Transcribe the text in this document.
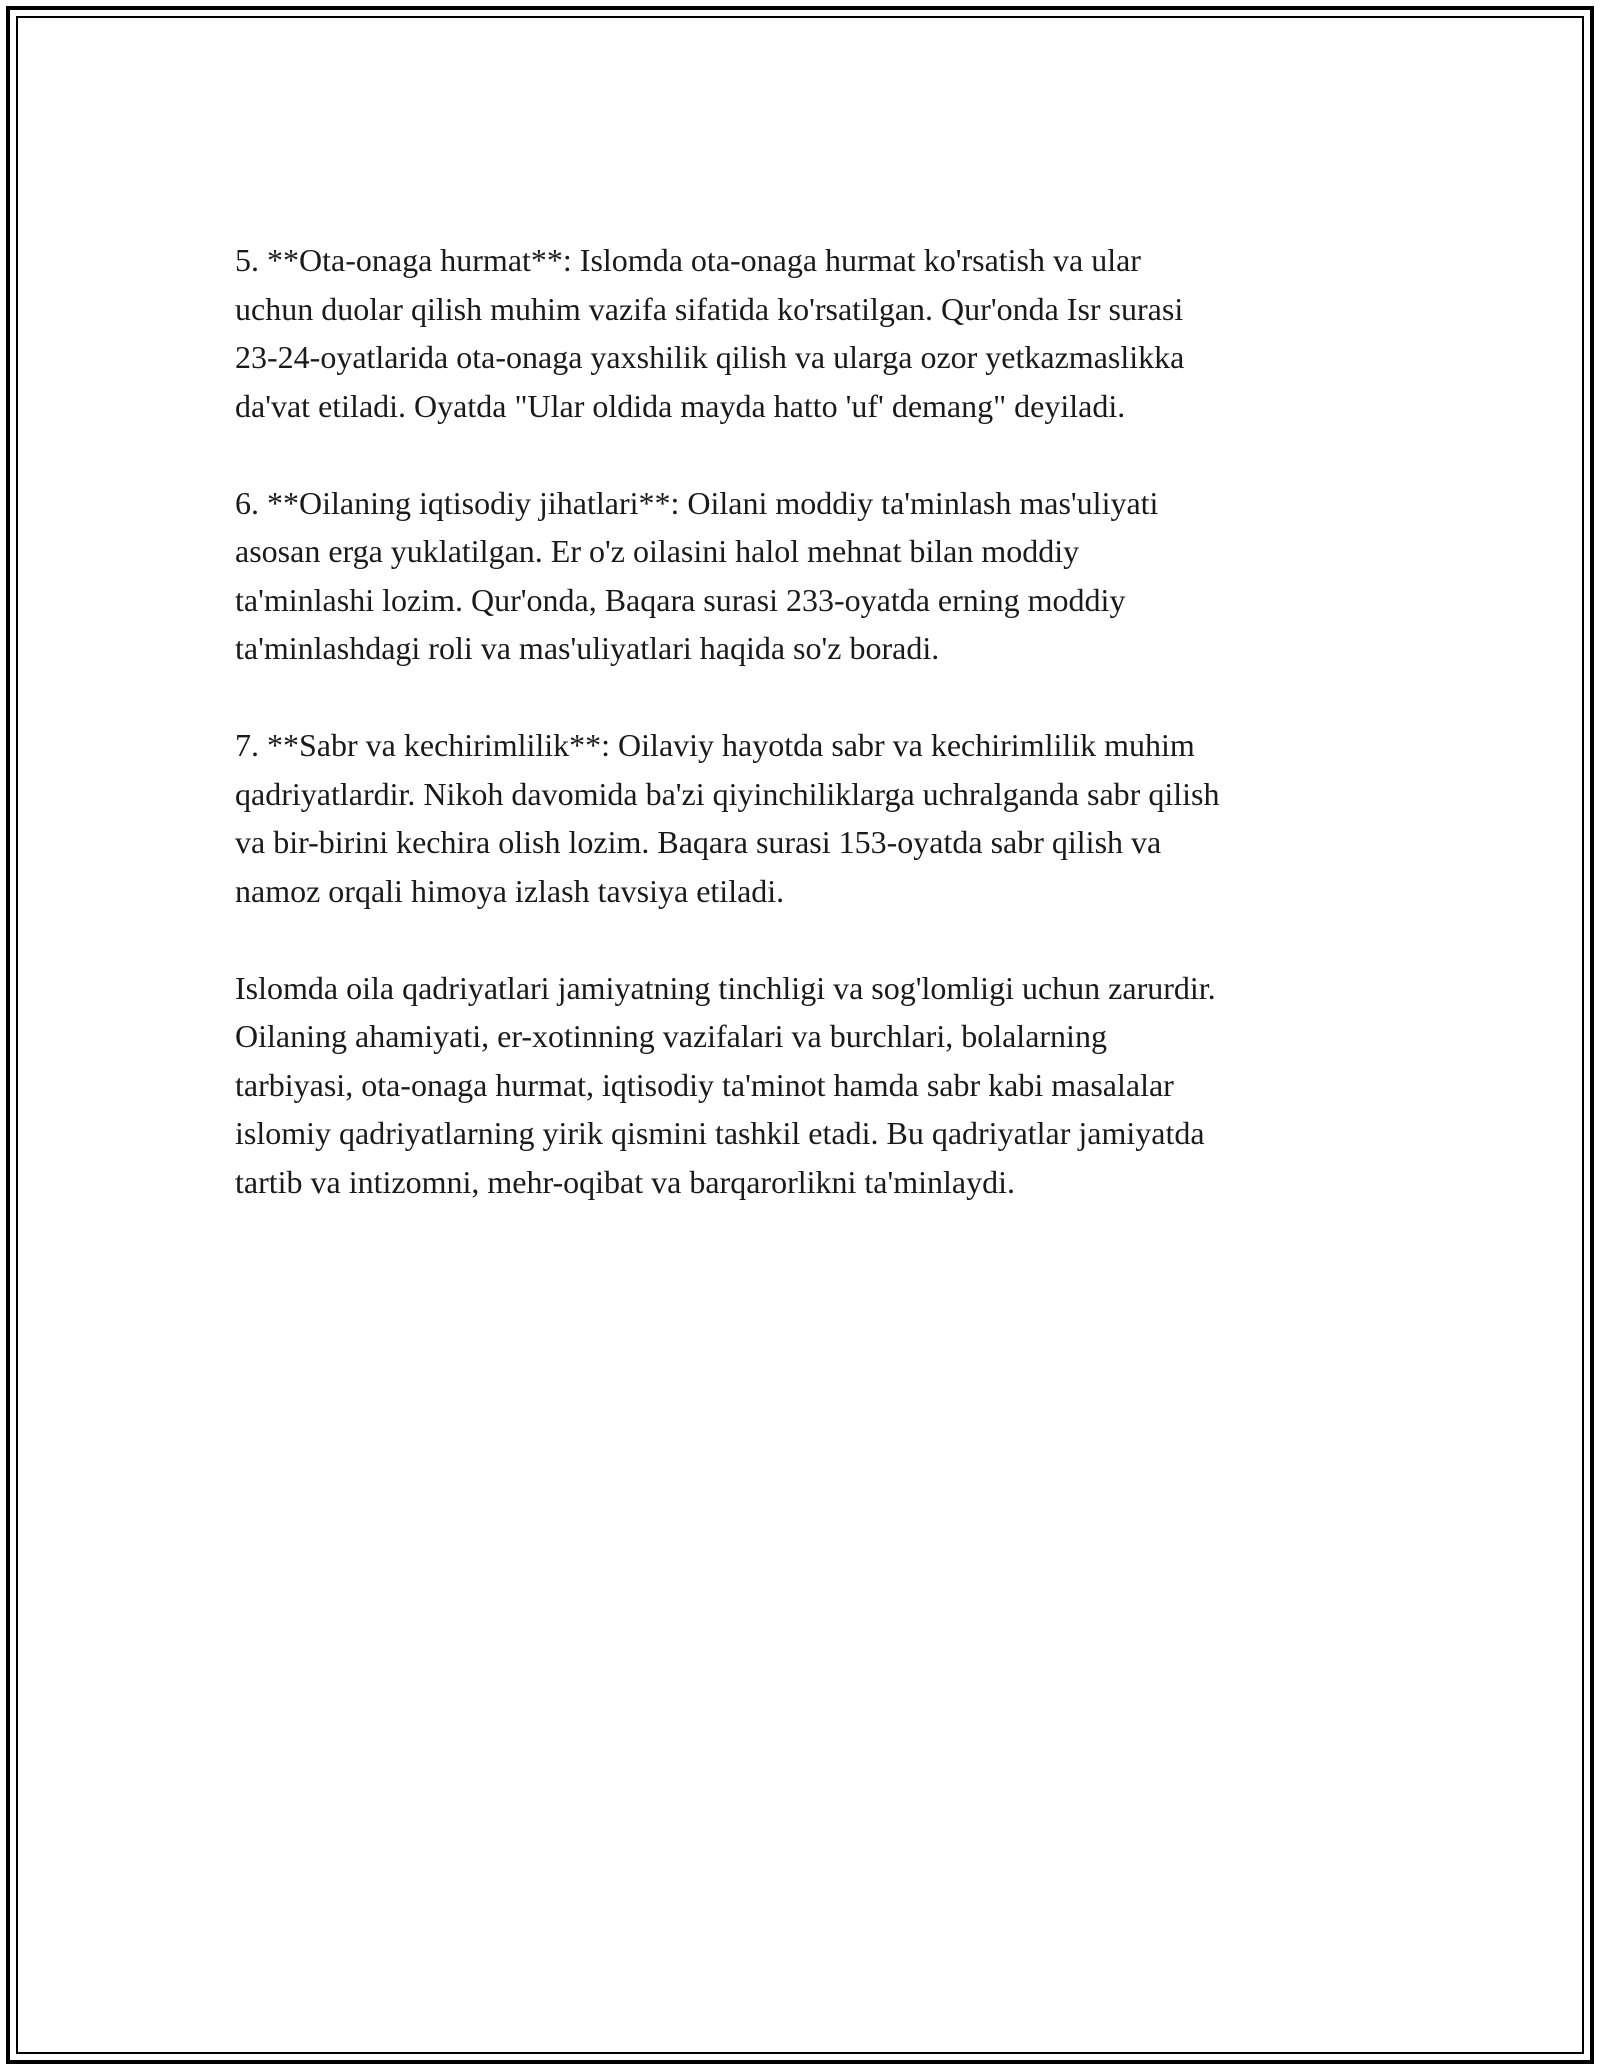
5. **Ota-onaga hurmat**: Islomda ota-onaga hurmat ko'rsatish va ular
uchun duolar qilish muhim vazifa sifatida ko'rsatilgan. Qur'onda Isr surasi
23-24-oyatlarida ota-onaga yaxshilik qilish va ularga ozor yetkazmaslikka
da'vat etiladi. Oyatda "Ular oldida mayda hatto 'uf' demang" deyiladi.

6. **Oilaning iqtisodiy jihatlari**: Oilani moddiy ta'minlash mas'uliyati
asosan erga yuklatilgan. Er o'z oilasini halol mehnat bilan moddiy
ta'minlashi lozim. Qur'onda, Baqara surasi 233-oyatda erning moddiy
ta'minlashdagi roli va mas'uliyatlari haqida so'z boradi.

7. **Sabr va kechirimlilik**: Oilaviy hayotda sabr va kechirimlilik muhim
qadriyatlardir. Nikoh davomida ba'zi qiyinchiliklarga uchralganda sabr qilish
va bir-birini kechira olish lozim. Baqara surasi 153-oyatda sabr qilish va
namoz orqali himoya izlash tavsiya etiladi.

Islomda oila qadriyatlari jamiyatning tinchligi va sog'lomligi uchun zarurdir.
Oilaning ahamiyati, er-xotinning vazifalari va burchlari, bolalarning
tarbiyasi, ota-onaga hurmat, iqtisodiy ta'minot hamda sabr kabi masalalar
islomiy qadriyatlarning yirik qismini tashkil etadi. Bu qadriyatlar jamiyatda
tartib va intizomni, mehr-oqibat va barqarorlikni ta'minlaydi.
